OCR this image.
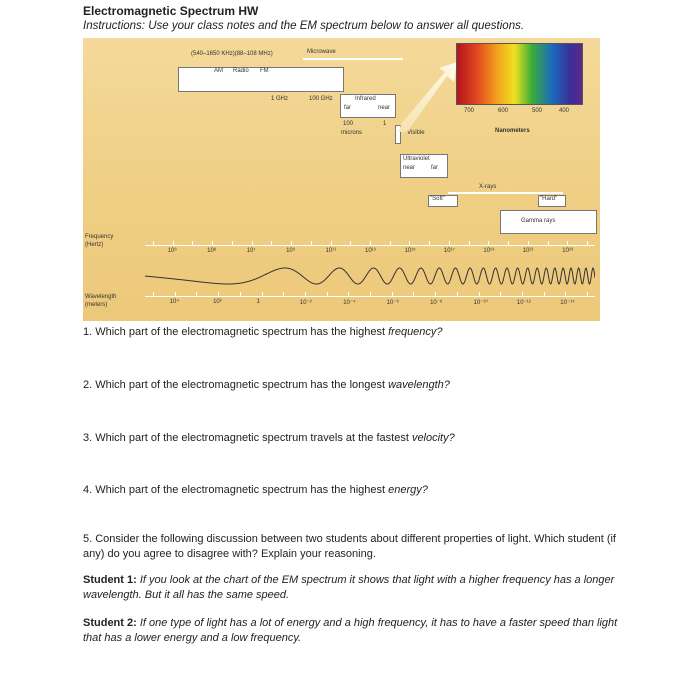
Electromagnetic Spectrum HW
Instructions: Use your class notes and the EM spectrum below to answer all questions.
(540–1650 KHz)(88–108 MHz)	Microwave
AM Radio FM
1 GHz	100 GHz	Infrared
far	near
100	1
microns	Visible
700	600	500	400
Nanometers
Ultraviolet
near	far
X-rays
"Soft"	"Hard"
Gamma rays
Frequency
(Hertz)
10⁶	10⁸	10⁷	10⁹	10¹¹	10¹³	10¹⁵	10¹⁷	10¹⁹	10²¹	10²³
Wavelength
(meters)	10⁴	10²	1	10⁻²	10⁻⁴	10⁻⁶	10⁻⁸	10⁻¹⁰	10⁻¹²	10⁻¹⁴
1. Which part of the electromagnetic spectrum has the highest frequency?
2. Which part of the electromagnetic spectrum has the longest wavelength?
3. Which part of the electromagnetic spectrum travels at the fastest velocity?
4. Which part of the electromagnetic spectrum has the highest energy?
5. Consider the following discussion between two students about different properties of light. Which student (if any) do you agree to disagree with? Explain your reasoning.
Student 1: If you look at the chart of the EM spectrum it shows that light with a higher frequency has a longer wavelength. But it all has the same speed.
Student 2: If one type of light has a lot of energy and a high frequency, it has to have a faster speed than light that has a lower energy and a low frequency.
